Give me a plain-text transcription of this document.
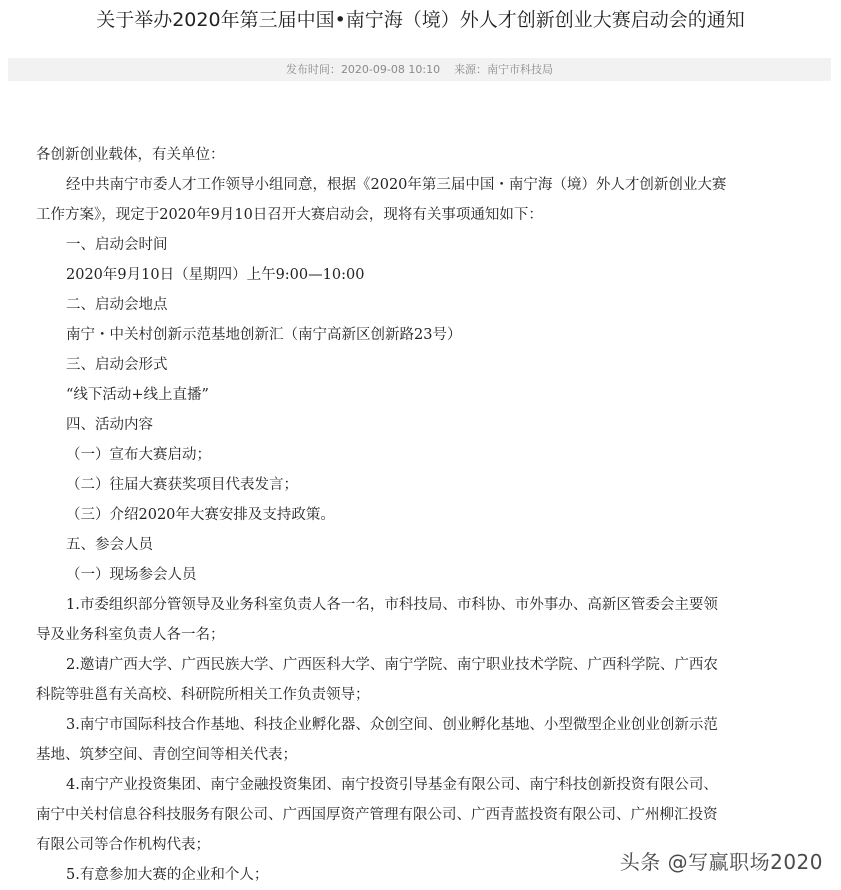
关于举办2020年第三届中国•南宁海（境）外人才创新创业大赛启动会的通知
发布时间：2020-09-08 10:10 来源：南宁市科技局

各创新创业载体，有关单位：

经中共南宁市委人才工作领导小组同意，根据《2020年第三届中国・南宁海（境）外人才创新创业大赛

工作方案》，现定于2020年9月10日召开大赛启动会，现将有关事项通知如下：

一、启动会时间

2020年9月10日（星期四）上午9:00—10:00

二、启动会地点

南宁・中关村创新示范基地创新汇（南宁高新区创新路23号）

三、启动会形式

“线下活动+线上直播”

四、活动内容

（一）宣布大赛启动；

（二）往届大赛获奖项目代表发言；

（三）介绍2020年大赛安排及支持政策。

五、参会人员

（一）现场参会人员

1.市委组织部分管领导及业务科室负责人各一名，市科技局、市科协、市外事办、高新区管委会主要领

导及业务科室负责人各一名；

2.邀请广西大学、广西民族大学、广西医科大学、南宁学院、南宁职业技术学院、广西科学院、广西农

科院等驻邕有关高校、科研院所相关工作负责领导；

3.南宁市国际科技合作基地、科技企业孵化器、众创空间、创业孵化基地、小型微型企业创业创新示范

基地、筑梦空间、青创空间等相关代表；

4.南宁产业投资集团、南宁金融投资集团、南宁投资引导基金有限公司、南宁科技创新投资有限公司、

南宁中关村信息谷科技服务有限公司、广西国厚资产管理有限公司、广西青蓝投资有限公司、广州柳汇投资

有限公司等合作机构代表；

5.有意参加大赛的企业和个人；

头条 @写赢职场2020
